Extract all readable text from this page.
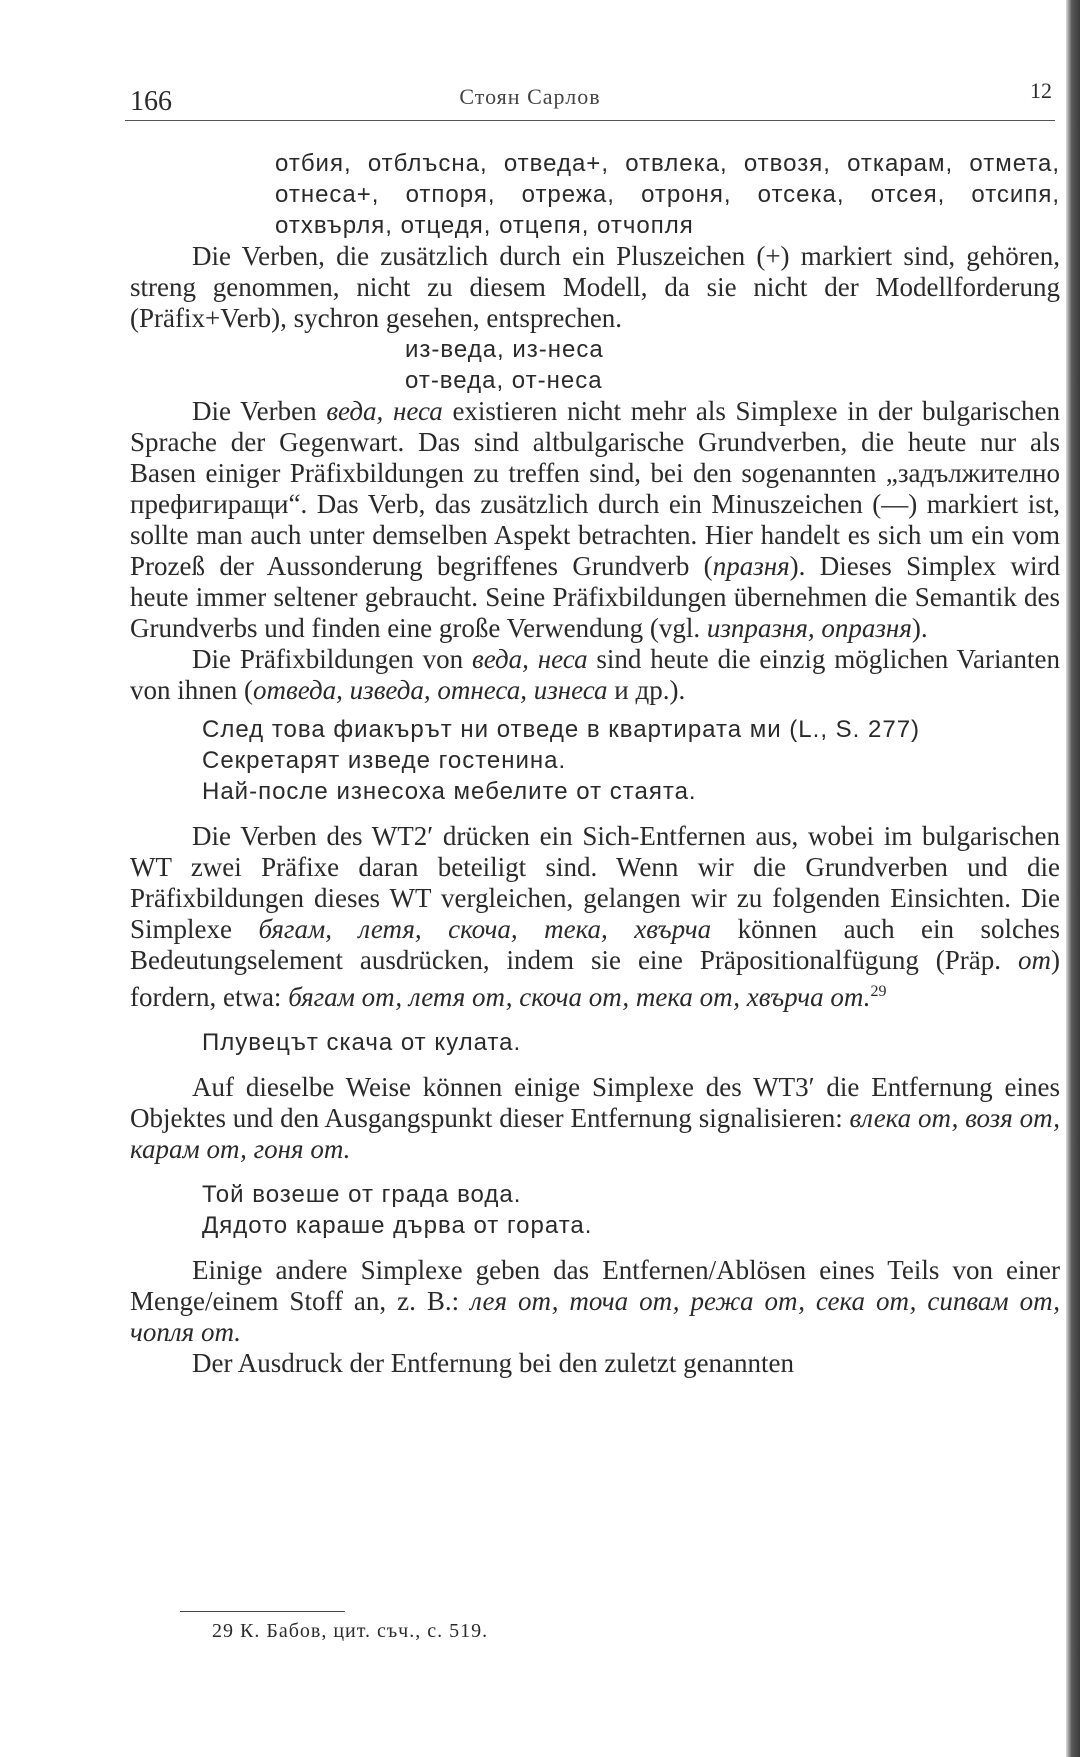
166	Стоян Сарлов	12

отбия, отблъсна, отведа+, отвлека, отвозя, откарам, отмета, отнеса+, отпоря, отрежа, отроня, отсека, отсея, отсипя, отхвърля, отцедя, отцепя, отчопля

Die Verben, die zusätzlich durch ein Pluszeichen (+) markiert sind, gehören, streng genommen, nicht zu diesem Modell, da sie nicht der Modellforderung (Präfix+Verb), sychron gesehen, entsprechen.

из-веда, из-неса

от-веда, от-неса

Die Verben веда, неса existieren nicht mehr als Simplexe in der bulgarischen Sprache der Gegenwart. Das sind altbulgarische Grundverben, die heute nur als Basen einiger Präfixbildungen zu treffen sind, bei den sogenannten „задължително префигиращи“. Das Verb, das zusätzlich durch ein Minuszeichen (—) markiert ist, sollte man auch unter demselben Aspekt betrachten. Hier handelt es sich um ein vom Prozeß der Aussonderung begriffenes Grundverb (празня). Dieses Simplex wird heute immer seltener gebraucht. Seine Präfixbildungen übernehmen die Semantik des Grundverbs und finden eine große Verwendung (vgl. изпразня, опразня).

Die Präfixbildungen von веда, неса sind heute die einzig möglichen Varianten von ihnen (отведа, изведа, отнеса, изнеса и др.).

След това фиакърът ни отведе в квартирата ми (L., S. 277)

Секретарят изведе гостенина.

Най-после изнесоха мебелите от стаята.

Die Verben des WT2′ drücken ein Sich-Entfernen aus, wobei im bulgarischen WT zwei Präfixe daran beteiligt sind. Wenn wir die Grundverben und die Präfixbildungen dieses WT vergleichen, gelangen wir zu folgenden Einsichten. Die Simplexe бягам, летя, скоча, тека, хвърча können auch ein solches Bedeutungselement ausdrücken, indem sie eine Präpositionalfügung (Präp. от) fordern, etwa: бягам от, летя от, скоча от, тека от, хвърча от.$^{29}$

Плувецът скача от кулата.

Auf dieselbe Weise können einige Simplexe des WT3′ die Entfernung eines Objektes und den Ausgangspunkt dieser Entfernung signalisieren: влека от, возя от, карам от, гоня от.

Той возеше от града вода.

Дядото караше дърва от гората.

Einige andere Simplexe geben das Entfernen/Ablösen eines Teils von einer Menge/einem Stoff an, z. B.: лея от, точа от, режа от, сека от, сипвам от, чопля от.

Der Ausdruck der Entfernung bei den zuletzt genannten

29 К. Бабов, цит. съч., с. 519.
